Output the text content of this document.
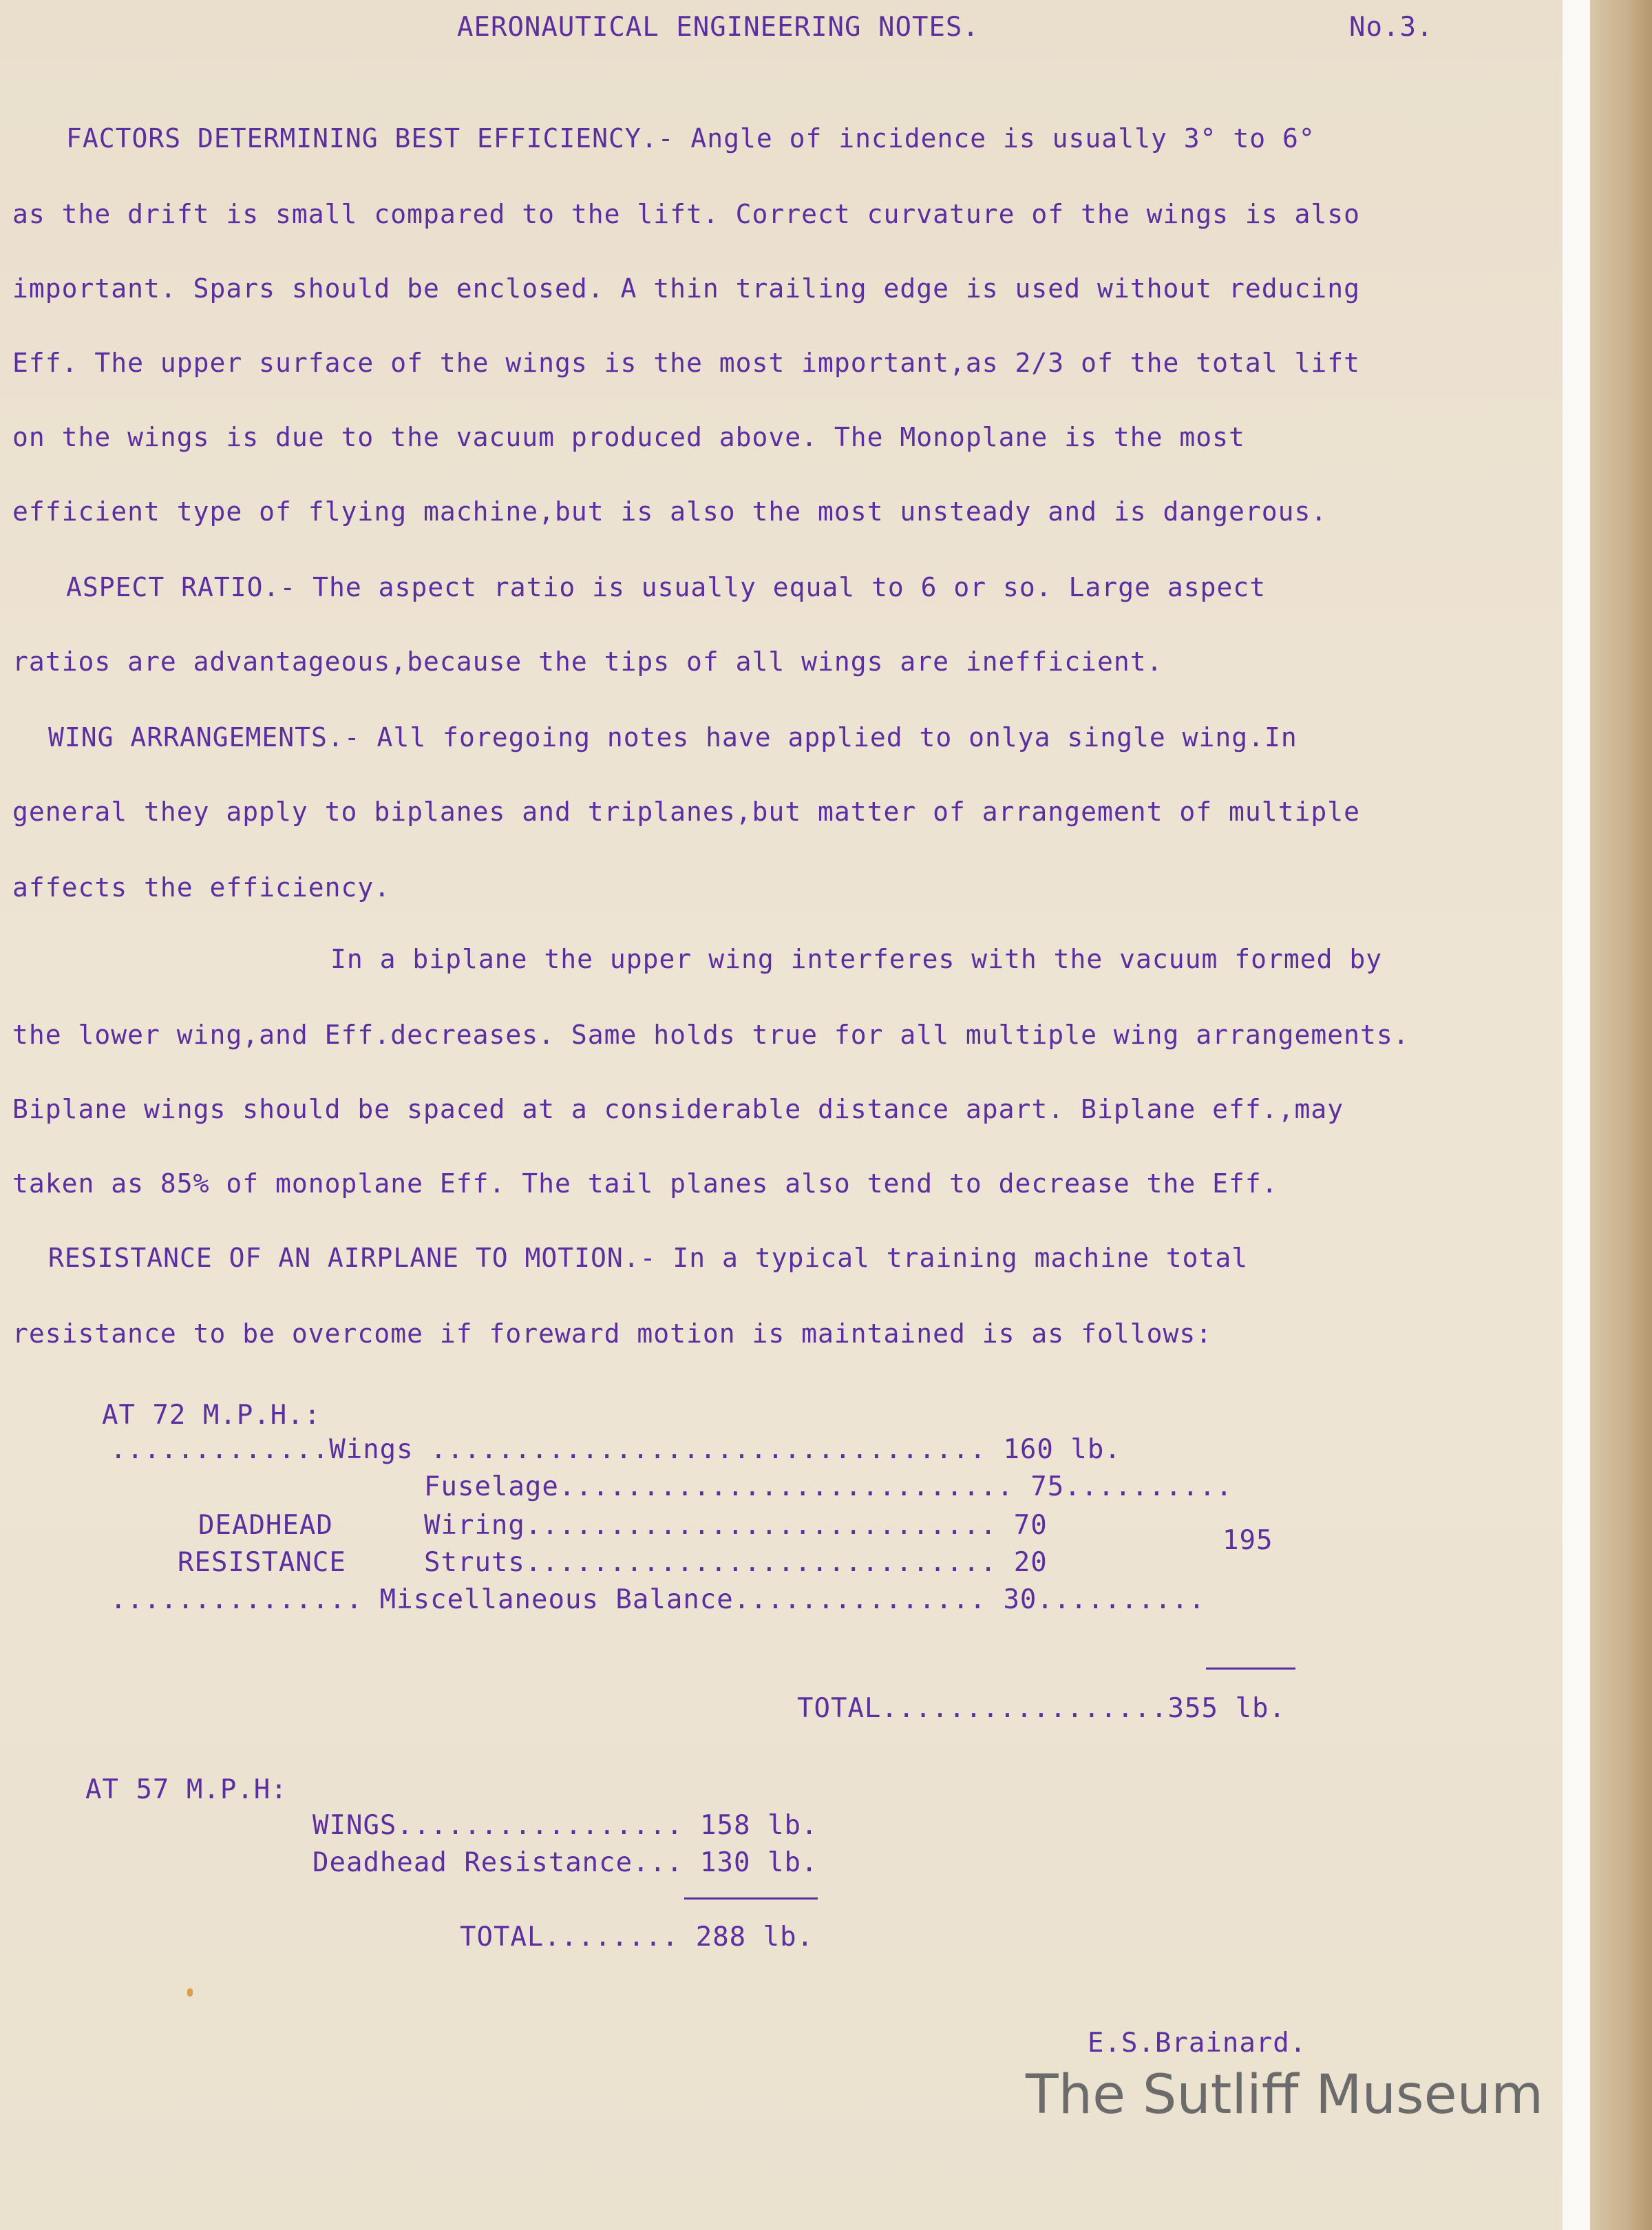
AERONAUTICAL ENGINEERING NOTES.	No.3.
FACTORS DETERMINING BEST EFFICIENCY.- Angle of incidence is usually 3° to 6°
as the drift is small compared to the lift. Correct curvature of the wings is also
important. Spars should be enclosed. A thin trailing edge is used without reducing
Eff. The upper surface of the wings is the most important,as 2/3 of the total lift
on the wings is due to the vacuum produced above. The Monoplane is the most
efficient type of flying machine,but is also the most unsteady and is dangerous.
ASPECT RATIO.- The aspect ratio is usually equal to 6 or so. Large aspect
ratios are advantageous,because the tips of all wings are inefficient.
WING ARRANGEMENTS.- All foregoing notes have applied to onlya single wing.In
general they apply to biplanes and triplanes,but matter of arrangement of multiple
affects the efficiency.
In a biplane the upper wing interferes with the vacuum formed by
the lower wing,and Eff.decreases. Same holds true for all multiple wing arrangements.
Biplane wings should be spaced at a considerable distance apart. Biplane eff.,may
taken as 85% of monoplane Eff. The tail planes also tend to decrease the Eff.
RESISTANCE OF AN AIRPLANE TO MOTION.- In a typical training machine total
resistance to be overcome if foreward motion is maintained is as follows:
AT 72 M.P.H.:
.............Wings ................................. 160 lb.
Fuselage........................... 75..........
DEADHEAD	Wiring............................ 70	195
RESISTANCE	Struts............................ 20
............... Miscellaneous Balance............... 30..........
TOTAL.................355 lb.
AT 57 M.P.H:
WINGS................. 158 lb.
Deadhead Resistance... 130 lb.
TOTAL........ 288 lb.
E.S.Brainard.
The Sutliff Museum
